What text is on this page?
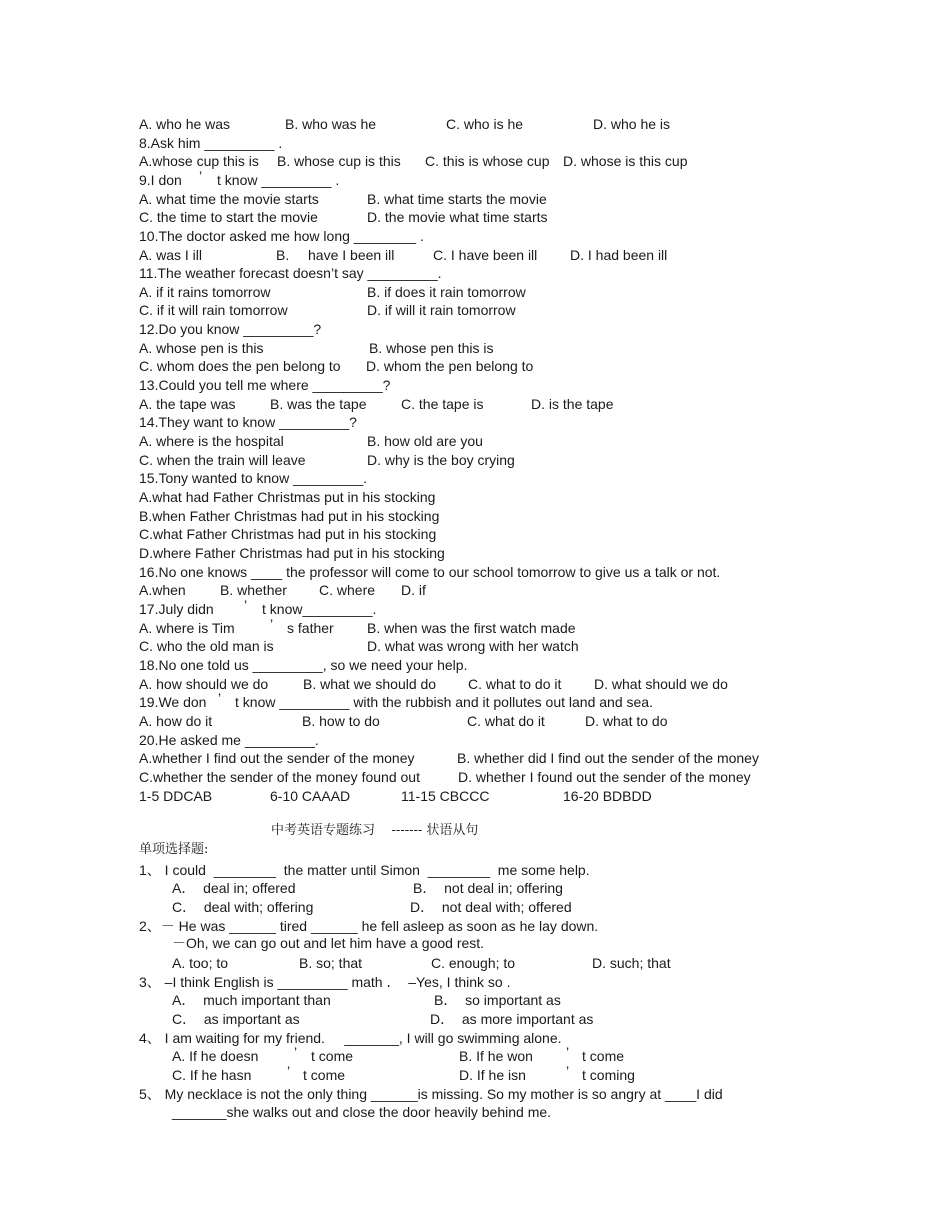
A. who he was	B. who was he	C. who is he	D. who he is
8.Ask him _________ .
A.whose cup this is B. whose cup is this C. this is whose cup D. whose is this cup
9.I don ’ t know _________ .
A. what time the movie starts	B. what time starts the movie
C. the time to start the movie	D. the movie what time starts
10.The doctor asked me how long ________ .
A. was I ill	B. have I been ill	C. I have been ill D. I had been ill
11.The weather forecast doesn’t say _________.
A. if it rains tomorrow	B. if does it rain tomorrow
C. if it will rain tomorrow	D. if will it rain tomorrow
12.Do you know _________?
A. whose pen is this	B. whose pen this is
C. whom does the pen belong to D. whom the pen belong to
13.Could you tell me where _________?
A. the tape was B. was the tape C. the tape is	D. is the tape
14.They want to know _________?
A. where is the hospital	B. how old are you
C. when the train will leave	D. why is the boy crying
15.Tony wanted to know _________.
A.what had Father Christmas put in his stocking
B.when Father Christmas had put in his stocking
C.what Father Christmas had put in his stocking
D.where Father Christmas had put in his stocking
16.No one knows ____ the professor will come to our school tomorrow to give us a talk or not.
A.when B. whether C. where D. if
17.July didn ’ t know_________.
A. where is Tim	’ s father B. when was the first watch made
C. who the old man is	D. what was wrong with her watch
18.No one told us _________, so we need your help.
A. how should we do B. what we should do C. what to do it D. what should we do
19.We don ’ t know _________ with the rubbish and it pollutes out land and sea.
A. how do it	B. how to do	C. what do it	D. what to do
20.He asked me _________.
A.whether I find out the sender of the money	B. whether did I find out the sender of the money
C.whether the sender of the money found out	D. whether I found out the sender of the money
1-5 DDCAB	6-10 CAAAD	11-15 CBCCC	16-20 BDBDD
中考英语专题练习    ------- 状语从句
单项选择题:
1、 I could  ________  the matter until Simon  ________  me some help.
A．  deal in; offered	B．  not deal in; offering
C．  deal with; offering	D．  not deal with; offered
2、－ He was ______ tired ______ he fell asleep as soon as he lay down.
－Oh, we can go out and let him have a good rest.
A. too; to	B. so; that	C. enough; to	D. such; that
3、 –I think English is _________ math ．  –Yes, I think so .
A．  much important than	B．  so important as
C．  as important as	D．  as more important as
4、 I am waiting for my friend.     _______, I will go swimming alone.
A. If he doesn	’ t come	B. If he won ’ t come
C. If he hasn	’ t come	D. If he isn	’ t coming
5、 My necklace is not the only thing ______is missing. So my mother is so angry at ____I did
_______she walks out and close the door heavily behind me.
